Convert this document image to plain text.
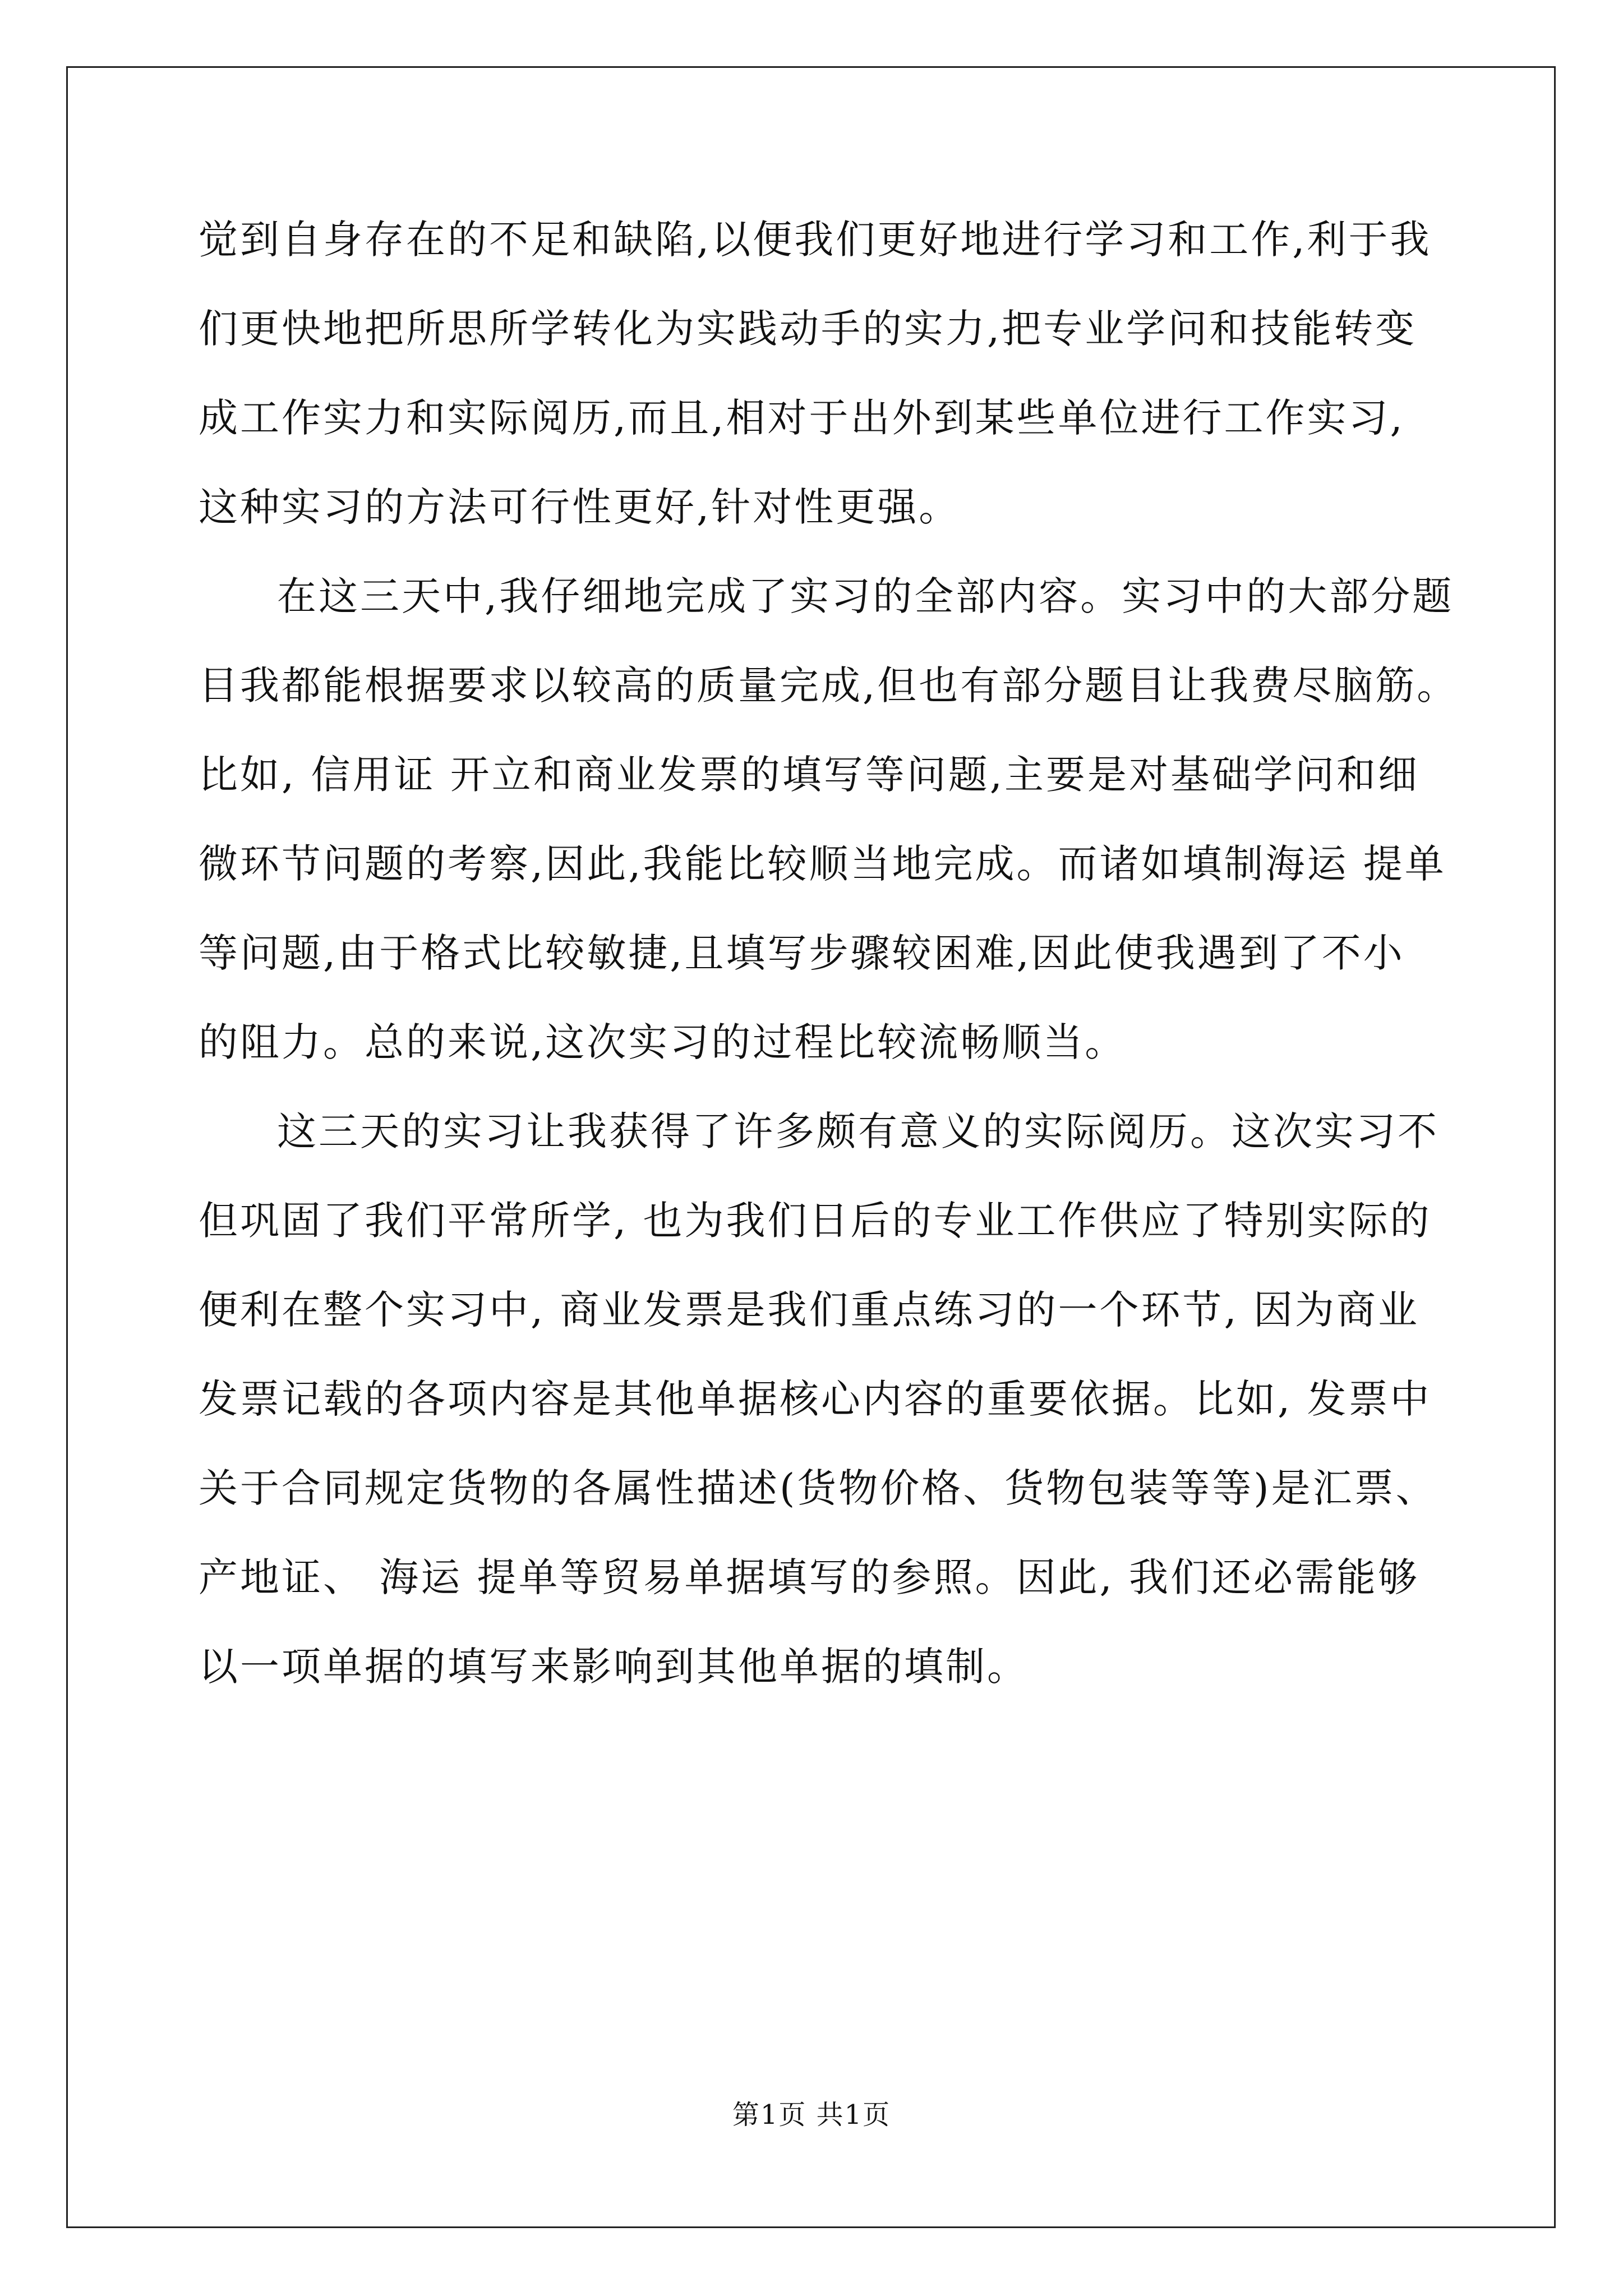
觉到自身存在的不足和缺陷,以便我们更好地进行学习和工作,利于我
们更快地把所思所学转化为实践动手的实力,把专业学问和技能转变
成工作实力和实际阅历,而且,相对于出外到某些单位进行工作实习,
这种实习的方法可行性更好,针对性更强。
在这三天中,我仔细地完成了实习的全部内容。实习中的大部分题
目我都能根据要求以较高的质量完成,但也有部分题目让我费尽脑筋。
比如, 信用证 开立和商业发票的填写等问题,主要是对基础学问和细
微环节问题的考察,因此,我能比较顺当地完成。而诸如填制海运 提单
等问题,由于格式比较敏捷,且填写步骤较困难,因此使我遇到了不小
的阻力。总的来说,这次实习的过程比较流畅顺当。
这三天的实习让我获得了许多颇有意义的实际阅历。这次实习不
但巩固了我们平常所学, 也为我们日后的专业工作供应了特别实际的
便利在整个实习中, 商业发票是我们重点练习的一个环节, 因为商业
发票记载的各项内容是其他单据核心内容的重要依据。比如, 发票中
关于合同规定货物的各属性描述(货物价格、货物包装等等)是汇票、
产地证、 海运 提单等贸易单据填写的参照。因此, 我们还必需能够
以一项单据的填写来影响到其他单据的填制。
第1页 共1页
